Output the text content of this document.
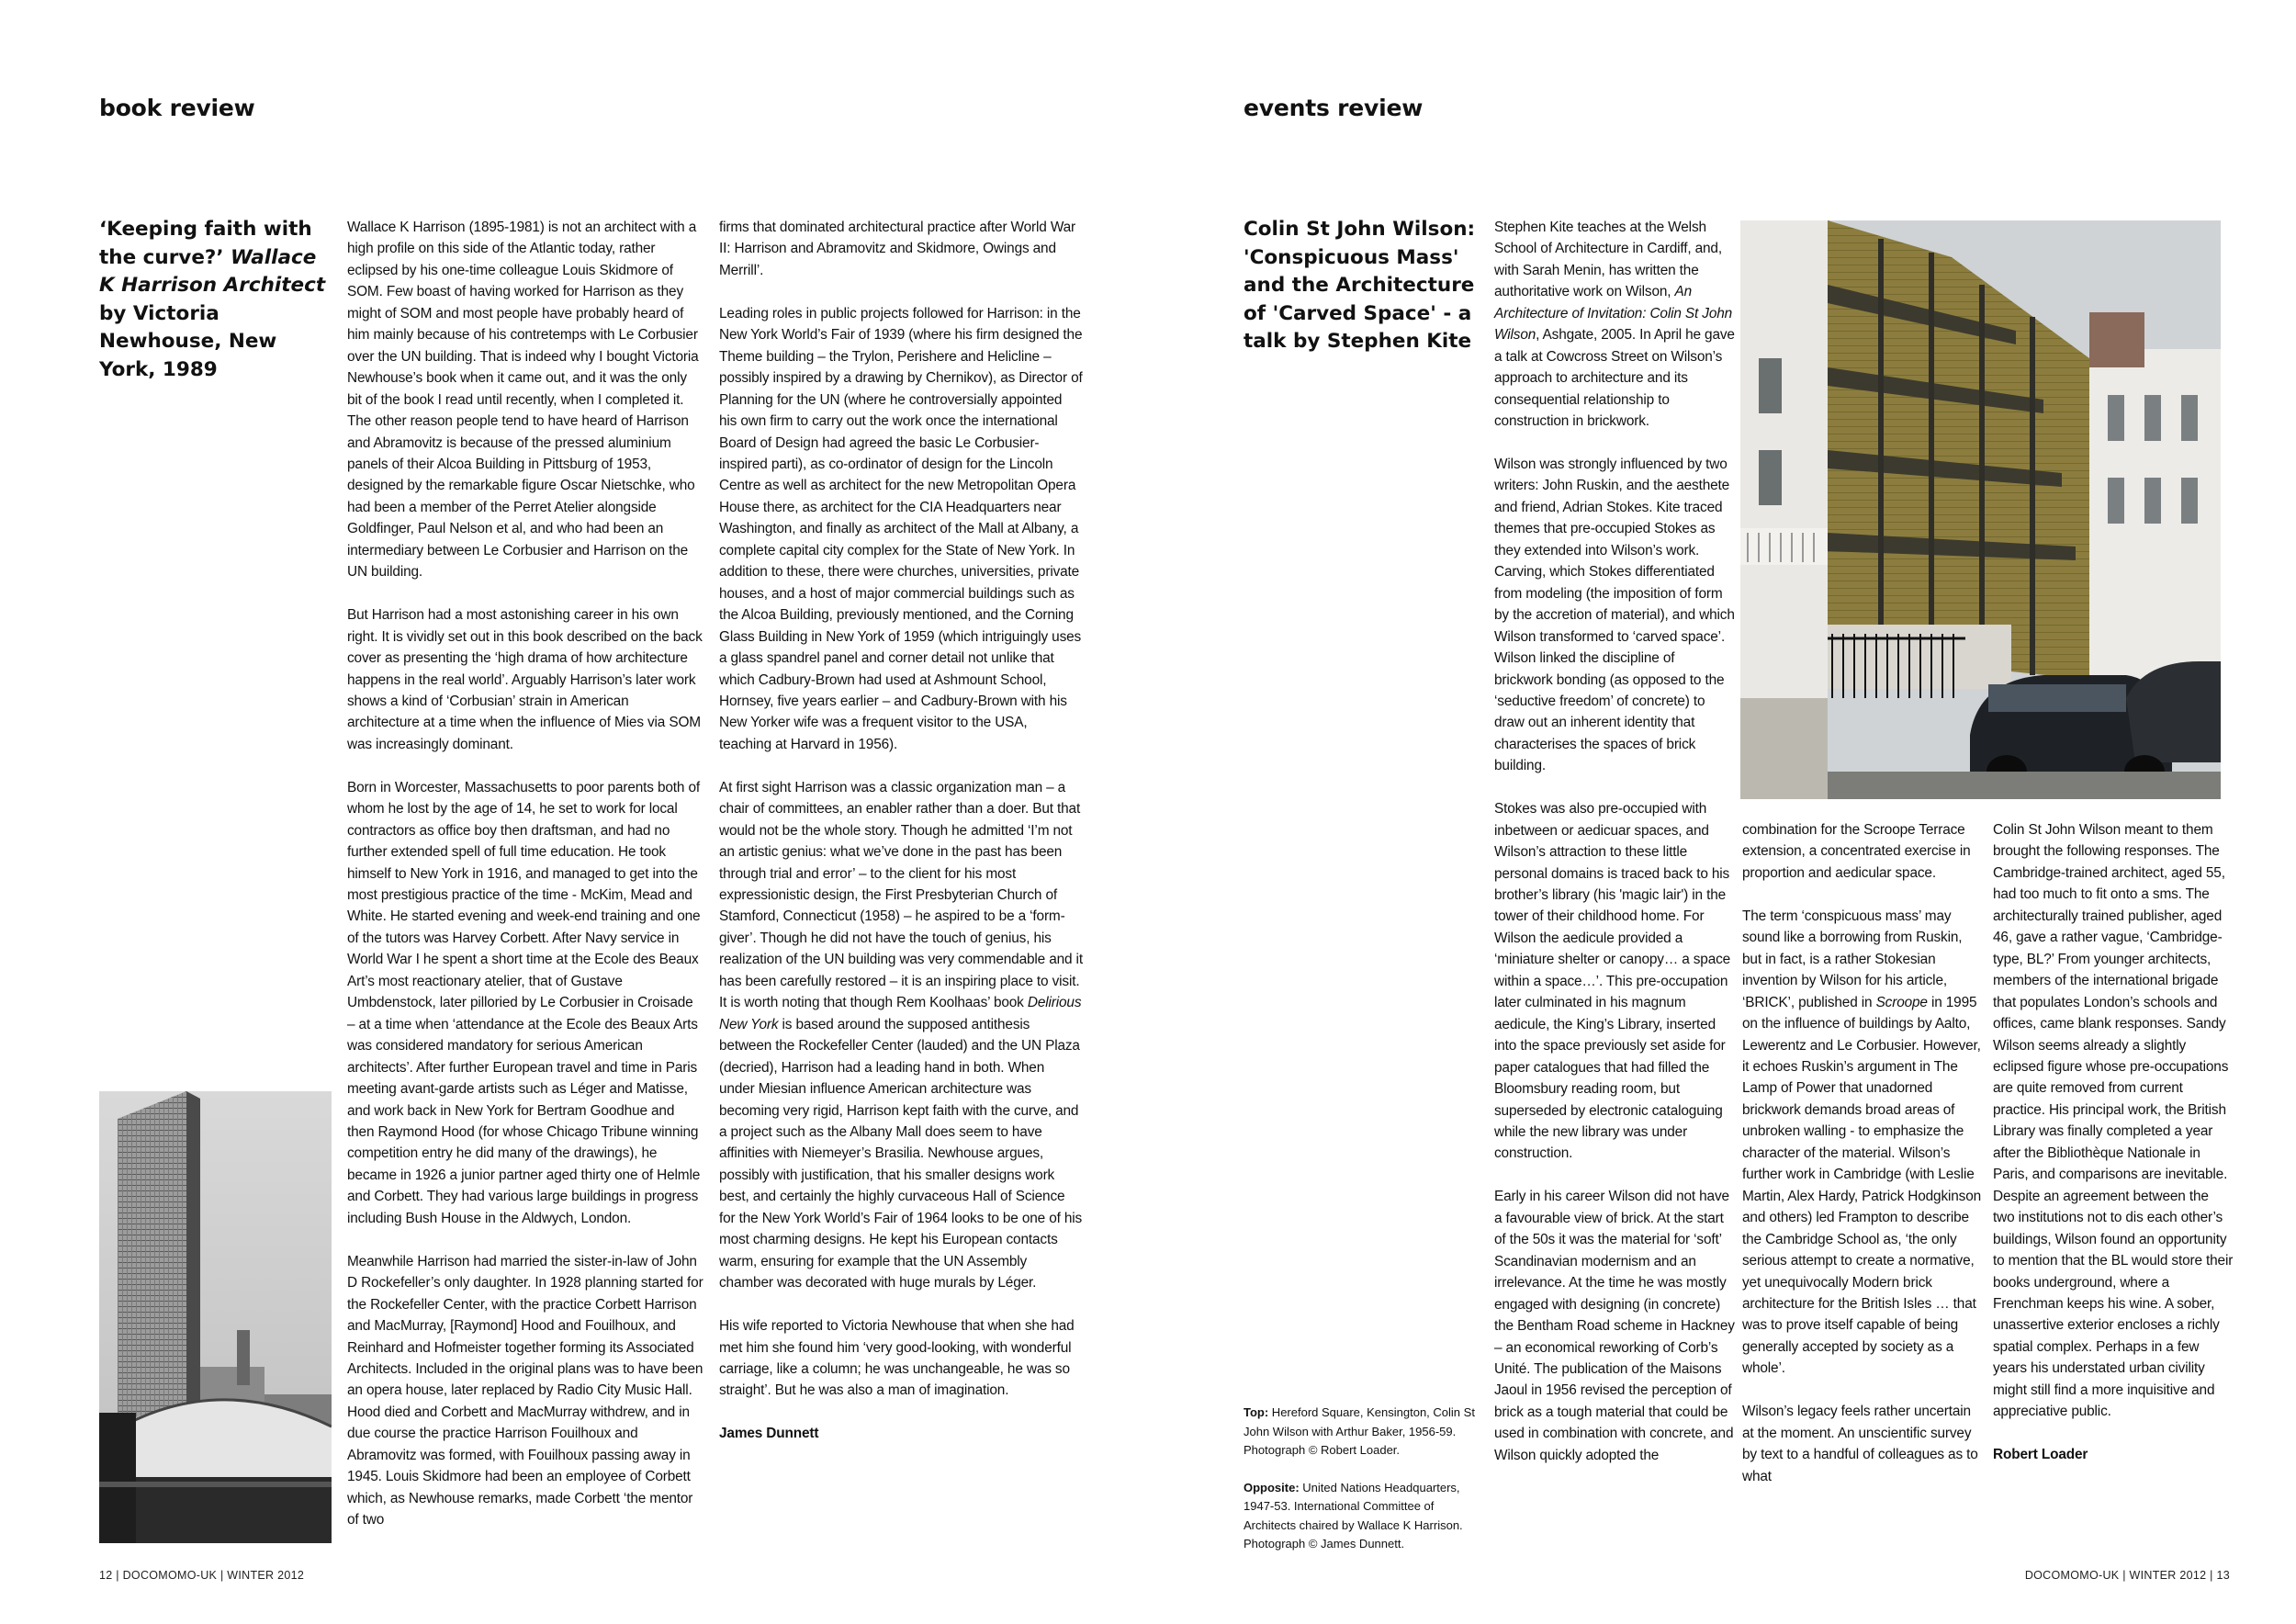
book review
‘Keeping faith with the curve?’ Wallace K Harrison Architect by Victoria Newhouse, New York, 1989

Wallace K Harrison (1895-1981) is not an architect with a high profile on this side of the Atlantic today, rather eclipsed by his one-time colleague Louis Skidmore of SOM. Few boast of having worked for Harrison as they might of SOM and most people have probably heard of him mainly because of his contretemps with Le Corbusier over the UN building. That is indeed why I bought Victoria Newhouse’s book when it came out, and it was the only bit of the book I read until recently, when I completed it. The other reason people tend to have heard of Harrison and Abramovitz is because of the pressed aluminium panels of their Alcoa Building in Pittsburg of 1953, designed by the remarkable figure Oscar Nietschke, who had been a member of the Perret Atelier alongside Goldfinger, Paul Nelson et al, and who had been an intermediary between Le Corbusier and Harrison on the UN building.

But Harrison had a most astonishing career in his own right. It is vividly set out in this book described on the back cover as presenting the ‘high drama of how architecture happens in the real world’. Arguably Harrison’s later work shows a kind of ‘Corbusian’ strain in American architecture at a time when the influence of Mies via SOM was increasingly dominant.

Born in Worcester, Massachusetts to poor parents both of whom he lost by the age of 14, he set to work for local contractors as office boy then draftsman, and had no further extended spell of full time education. He took himself to New York in 1916, and managed to get into the most prestigious practice of the time - McKim, Mead and White. He started evening and week-end training and one of the tutors was Harvey Corbett. After Navy service in World War I he spent a short time at the Ecole des Beaux Art’s most reactionary atelier, that of Gustave Umbdenstock, later pilloried by Le Corbusier in Croisade – at a time when ‘attendance at the Ecole des Beaux Arts was considered mandatory for serious American architects’. After further European travel and time in Paris meeting avant-garde artists such as Léger and Matisse, and work back in New York for Bertram Goodhue and then Raymond Hood (for whose Chicago Tribune winning competition entry he did many of the drawings), he became in 1926 a junior partner aged thirty one of Helmle and Corbett. They had various large buildings in progress including Bush House in the Aldwych, London.

Meanwhile Harrison had married the sister-in-law of John D Rockefeller’s only daughter. In 1928 planning started for the Rockefeller Center, with the practice Corbett Harrison and MacMurray, [Raymond] Hood and Fouilhoux, and Reinhard and Hofmeister together forming its Associated Architects. Included in the original plans was to have been an opera house, later replaced by Radio City Music Hall. Hood died and Corbett and MacMurray withdrew, and in due course the practice Harrison Fouilhoux and Abramovitz was formed, with Fouilhoux passing away in 1945. Louis Skidmore had been an employee of Corbett which, as Newhouse remarks, made Corbett ‘the mentor of two

firms that dominated architectural practice after World War II: Harrison and Abramovitz and Skidmore, Owings and Merrill’.

Leading roles in public projects followed for Harrison: in the New York World’s Fair of 1939 (where his firm designed the Theme building – the Trylon, Perishere and Helicline – possibly inspired by a drawing by Chernikov), as Director of Planning for the UN (where he controversially appointed his own firm to carry out the work once the international Board of Design had agreed the basic Le Corbusier-inspired parti), as co-ordinator of design for the Lincoln Centre as well as architect for the new Metropolitan Opera House there, as architect for the CIA Headquarters near Washington, and finally as architect of the Mall at Albany, a complete capital city complex for the State of New York. In addition to these, there were churches, universities, private houses, and a host of major commercial buildings such as the Alcoa Building, previously mentioned, and the Corning Glass Building in New York of 1959 (which intriguingly uses a glass spandrel panel and corner detail not unlike that which Cadbury-Brown had used at Ashmount School, Hornsey, five years earlier – and Cadbury-Brown with his New Yorker wife was a frequent visitor to the USA, teaching at Harvard in 1956).

At first sight Harrison was a classic organization man – a chair of committees, an enabler rather than a doer. But that would not be the whole story. Though he admitted ‘I’m not an artistic genius: what we’ve done in the past has been through trial and error’ – to the client for his most expressionistic design, the First Presbyterian Church of Stamford, Connecticut (1958) – he aspired to be a ‘form-giver’. Though he did not have the touch of genius, his realization of the UN building was very commendable and it has been carefully restored – it is an inspiring place to visit. It is worth noting that though Rem Koolhaas’ book Delirious New York is based around the supposed antithesis between the Rockefeller Center (lauded) and the UN Plaza (decried), Harrison had a leading hand in both. When under Miesian influence American architecture was becoming very rigid, Harrison kept faith with the curve, and a project such as the Albany Mall does seem to have affinities with Niemeyer’s Brasilia. Newhouse argues, possibly with justification, that his smaller designs work best, and certainly the highly curvaceous Hall of Science for the New York World’s Fair of 1964 looks to be one of his most charming designs. He kept his European contacts warm, ensuring for example that the UN Assembly chamber was decorated with huge murals by Léger.

His wife reported to Victoria Newhouse that when she had met him she found him ‘very good-looking, with wonderful carriage, like a column; he was unchangeable, he was so straight’. But he was also a man of imagination.

James Dunnett

12 | DOCOMOMO-UK | WINTER 2012
events review
Colin St John Wilson: 'Conspicuous Mass' and the Architecture of 'Carved Space' - a talk by Stephen Kite

Stephen Kite teaches at the Welsh School of Architecture in Cardiff, and, with Sarah Menin, has written the authoritative work on Wilson, An Architecture of Invitation: Colin St John Wilson, Ashgate, 2005. In April he gave a talk at Cowcross Street on Wilson’s approach to architecture and its consequential relationship to construction in brickwork.

Wilson was strongly influenced by two writers: John Ruskin, and the aesthete and friend, Adrian Stokes. Kite traced themes that pre-occupied Stokes as they extended into Wilson’s work. Carving, which Stokes differentiated from modeling (the imposition of form by the accretion of material), and which Wilson transformed to ‘carved space’. Wilson linked the discipline of brickwork bonding (as opposed to the ‘seductive freedom’ of concrete) to draw out an inherent identity that characterises the spaces of brick building.

Stokes was also pre-occupied with inbetween or aedicuar spaces, and Wilson’s attraction to these little personal domains is traced back to his brother’s library (his 'magic lair') in the tower of their childhood home. For Wilson the aedicule provided a ‘miniature shelter or canopy… a space within a space…’. This pre-occupation later culminated in his magnum aedicule, the King’s Library, inserted into the space previously set aside for paper catalogues that had filled the Bloomsbury reading room, but superseded by electronic cataloguing while the new library was under construction.

Early in his career Wilson did not have a favourable view of brick. At the start of the 50s it was the material for ‘soft’ Scandinavian modernism and an irrelevance. At the time he was mostly engaged with designing (in concrete) the Bentham Road scheme in Hackney – an economical reworking of Corb’s Unité. The publication of the Maisons Jaoul in 1956 revised the perception of brick as a tough material that could be used in combination with concrete, and Wilson quickly adopted the

combination for the Scroope Terrace extension, a concentrated exercise in proportion and aedicular space.

The term ‘conspicuous mass’ may sound like a borrowing from Ruskin, but in fact, is a rather Stokesian invention by Wilson for his article, ‘BRICK’, published in Scroope in 1995 on the influence of buildings by Aalto, Lewerentz and Le Corbusier. However, it echoes Ruskin’s argument in The Lamp of Power that unadorned brickwork demands broad areas of unbroken walling - to emphasize the character of the material. Wilson’s further work in Cambridge (with Leslie Martin, Alex Hardy, Patrick Hodgkinson and others) led Frampton to describe the Cambridge School as, ‘the only serious attempt to create a normative, yet unequivocally Modern brick architecture for the British Isles … that was to prove itself capable of being generally accepted by society as a whole’.

Wilson’s legacy feels rather uncertain at the moment. An unscientific survey by text to a handful of colleagues as to what

Colin St John Wilson meant to them brought the following responses. The Cambridge-trained architect, aged 55, had too much to fit onto a sms. The architecturally trained publisher, aged 46, gave a rather vague, ‘Cambridge-type, BL?’ From younger architects, members of the international brigade that populates London’s schools and offices, came blank responses. Sandy Wilson seems already a slightly eclipsed figure whose pre-occupations are quite removed from current practice. His principal work, the British Library was finally completed a year after the Bibliothèque Nationale in Paris, and comparisons are inevitable. Despite an agreement between the two institutions not to dis each other’s buildings, Wilson found an opportunity to mention that the BL would store their books underground, where a Frenchman keeps his wine. A sober, unassertive exterior encloses a richly spatial complex. Perhaps in a few years his understated urban civility might still find a more inquisitive and appreciative public.

Robert Loader

Top: Hereford Square, Kensington, Colin St John Wilson with Arthur Baker, 1956-59. Photograph © Robert Loader.

Opposite: United Nations Headquarters, 1947-53. International Committee of Architects chaired by Wallace K Harrison. Photograph © James Dunnett.

DOCOMOMO-UK | WINTER 2012 | 13
